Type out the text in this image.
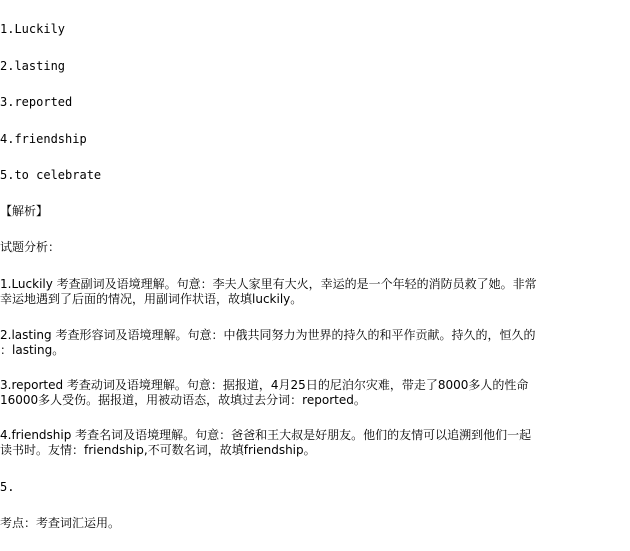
1.Luckily

2.lasting

3.reported

4.friendship

5.to celebrate

【解析】

试题分析：

1.Luckily 考查副词及语境理解。句意：李夫人家里有大火，幸运的是一个年轻的消防员救了她。非常

幸运地遇到了后面的情况，用副词作状语，故填luckily。

2.lasting 考查形容词及语境理解。句意：中俄共同努力为世界的持久的和平作贡献。持久的，恒久的

：lasting。

3.reported 考查动词及语境理解。句意：据报道，4月25日的尼泊尔灾难，带走了8000多人的性命

16000多人受伤。据报道，用被动语态，故填过去分词：reported。

4.friendship 考查名词及语境理解。句意：爸爸和王大叔是好朋友。他们的友情可以追溯到他们一起

读书时。友情：friendship,不可数名词，故填friendship。

5.

考点：考查词汇运用。
